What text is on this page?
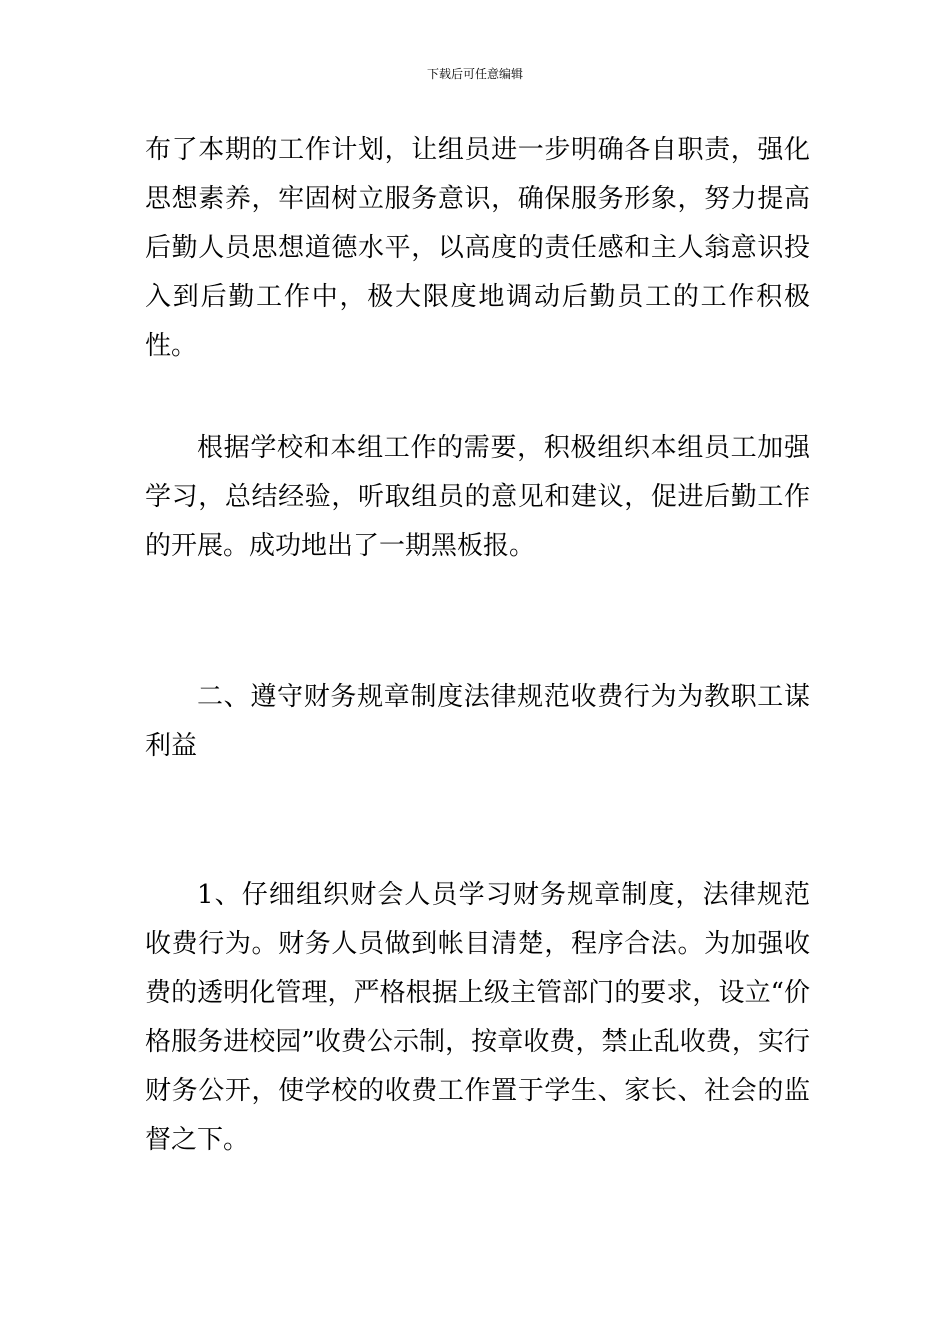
下载后可任意编辑

布了本期的工作计划，让组员进一步明确各自职责，强化思想素养，牢固树立服务意识，确保服务形象，努力提高后勤人员思想道德水平，以高度的责任感和主人翁意识投入到后勤工作中，极大限度地调动后勤员工的工作积极性。

根据学校和本组工作的需要，积极组织本组员工加强学习，总结经验，听取组员的意见和建议，促进后勤工作的开展。成功地出了一期黑板报。

二、遵守财务规章制度法律规范收费行为为教职工谋利益

1、仔细组织财会人员学习财务规章制度，法律规范收费行为。财务人员做到帐目清楚，程序合法。为加强收费的透明化管理，严格根据上级主管部门的要求，设立“价格服务进校园”收费公示制，按章收费，禁止乱收费，实行财务公开，使学校的收费工作置于学生、家长、社会的监督之下。
